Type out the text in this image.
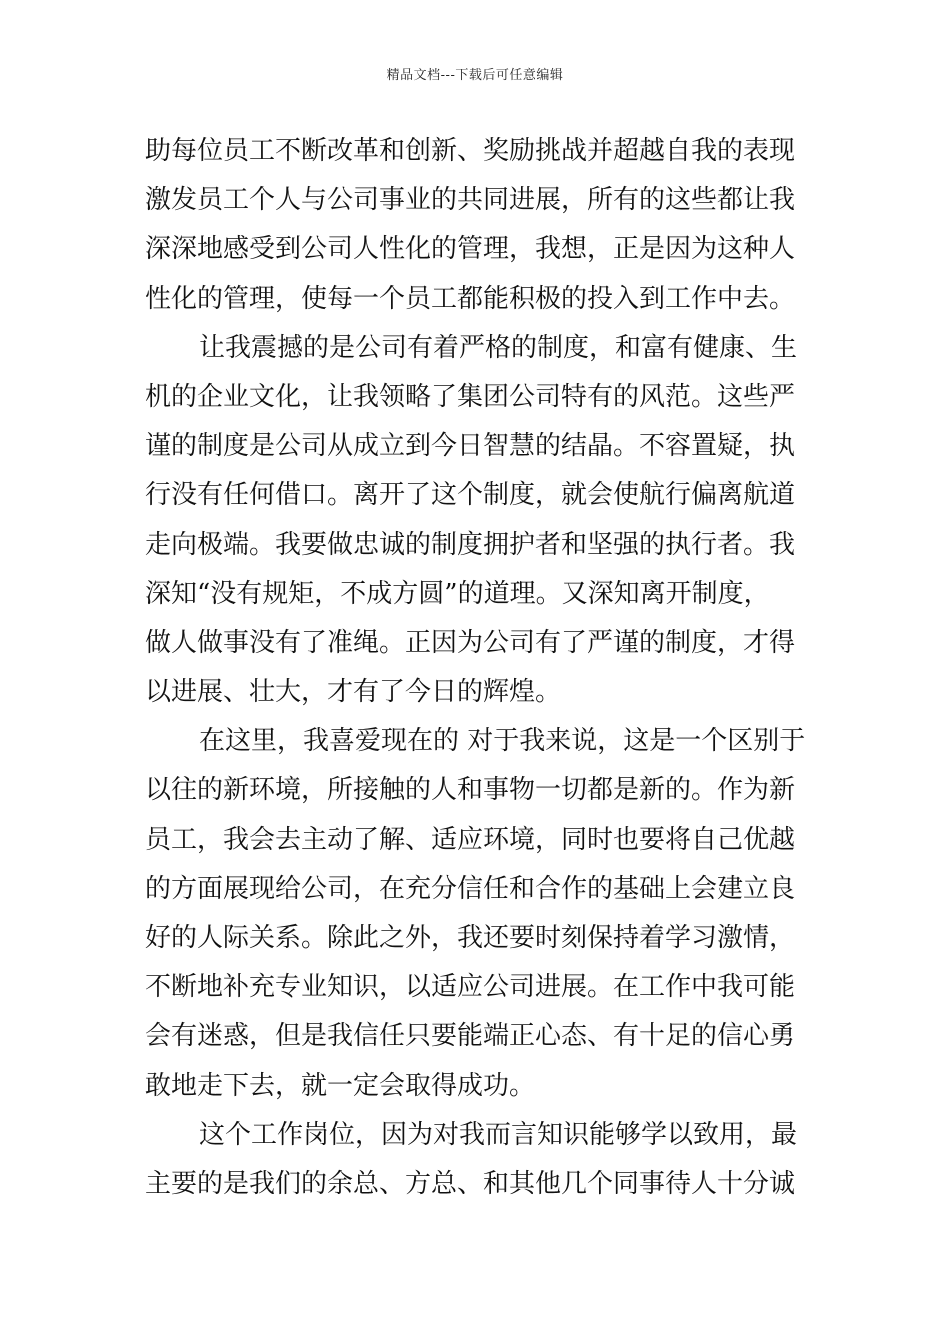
精品文档---下载后可任意编辑
助每位员工不断改革和创新、奖励挑战并超越自我的表现
激发员工个人与公司事业的共同进展，所有的这些都让我
深深地感受到公司人性化的管理，我想，正是因为这种人
性化的管理，使每一个员工都能积极的投入到工作中去。
让我震撼的是公司有着严格的制度，和富有健康、生
机的企业文化，让我领略了集团公司特有的风范。这些严
谨的制度是公司从成立到今日智慧的结晶。不容置疑，执
行没有任何借口。离开了这个制度，就会使航行偏离航道
走向极端。我要做忠诚的制度拥护者和坚强的执行者。我
深知“没有规矩，不成方圆”的道理。又深知离开制度，
做人做事没有了准绳。正因为公司有了严谨的制度，才得
以进展、壮大，才有了今日的辉煌。
在这里，我喜爱现在的 对于我来说，这是一个区别于
以往的新环境，所接触的人和事物一切都是新的。作为新
员工，我会去主动了解、适应环境，同时也要将自己优越
的方面展现给公司，在充分信任和合作的基础上会建立良
好的人际关系。除此之外，我还要时刻保持着学习激情，
不断地补充专业知识，以适应公司进展。在工作中我可能
会有迷惑，但是我信任只要能端正心态、有十足的信心勇
敢地走下去，就一定会取得成功。
这个工作岗位，因为对我而言知识能够学以致用，最
主要的是我们的余总、方总、和其他几个同事待人十分诚
